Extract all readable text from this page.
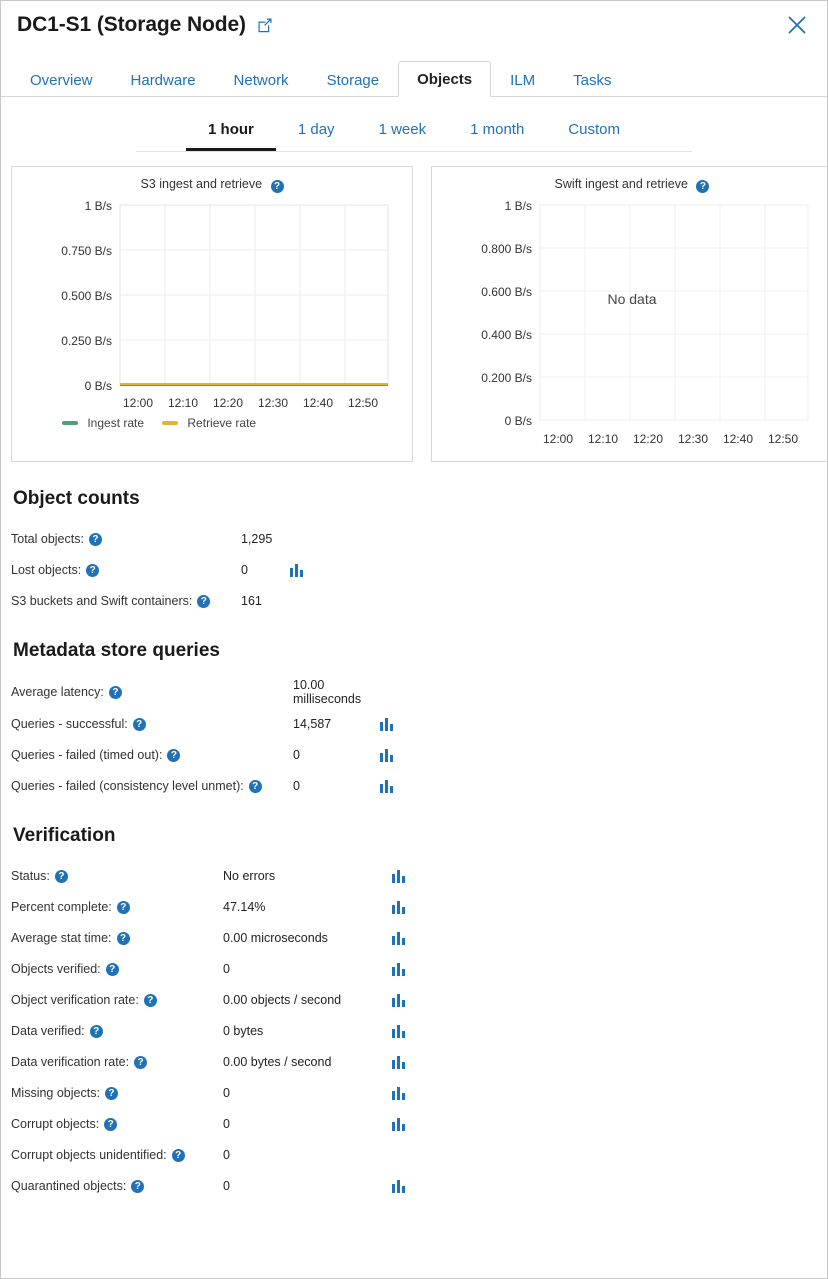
DC1-S1 (Storage Node)
Overview	Hardware	Network	Storage	Objects	ILM	Tasks
1 hour	1 day	1 week	1 month	Custom
S3 ingest and retrieve ?
1 B/s
0.750 B/s
0.500 B/s
0.250 B/s
0 B/s
12:00 12:10 12:20 12:30 12:40 12:50
Ingest rate	Retrieve rate
Swift ingest and retrieve ?
1 B/s
0.800 B/s
0.600 B/s
0.400 B/s
0.200 B/s
0 B/s
12:00 12:10 12:20 12:30 12:40 12:50
No data
Object counts
Total objects: ?	1,295
Lost objects: ?	0
S3 buckets and Swift containers: ?	161
Metadata store queries
Average latency: ?	10.00 milliseconds
Queries - successful: ?	14,587
Queries - failed (timed out): ?	0
Queries - failed (consistency level unmet): ?	0
Verification
Status: ?	No errors
Percent complete: ?	47.14%
Average stat time: ?	0.00 microseconds
Objects verified: ?	0
Object verification rate: ?	0.00 objects / second
Data verified: ?	0 bytes
Data verification rate: ?	0.00 bytes / second
Missing objects: ?	0
Corrupt objects: ?	0
Corrupt objects unidentified: ?	0
Quarantined objects: ?	0
